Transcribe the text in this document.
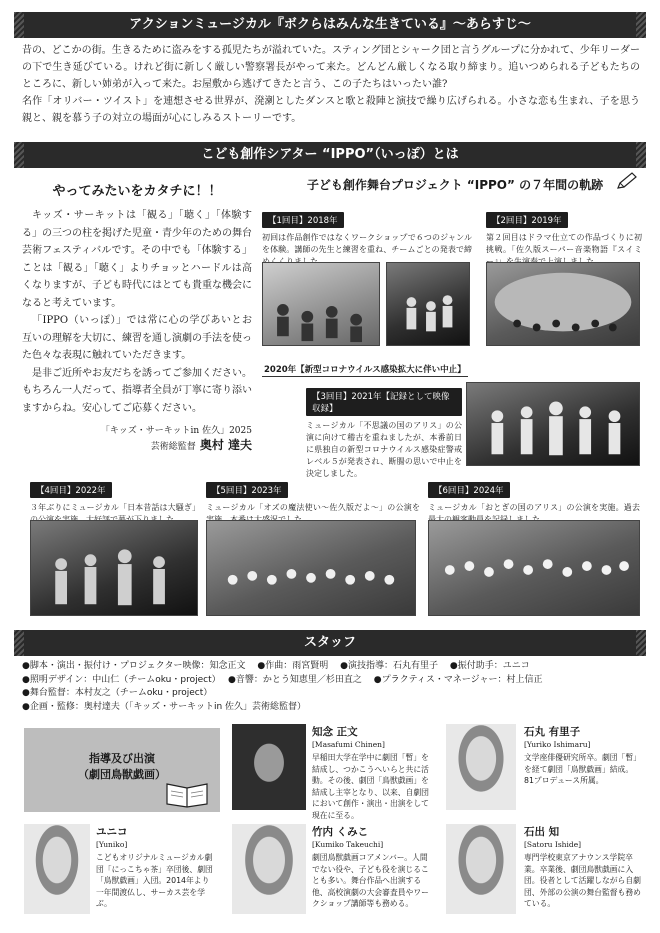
アクションミュージカル『ボクらはみんな生きている』〜あらすじ〜

昔の、どこかの街。生きるために盗みをする孤児たちが溢れていた。スティング団とシャーク団と言うグループに分かれて、少年リーダーの下で生き延びている。けれど街に新しく厳しい警察署長がやって来た。どんどん厳しくなる取り締まり。追いつめられる子どもたちのところに、新しい姉弟が入って来た。お屋敷から逃げてきたと言う、この子たちはいったい誰?

名作「オリバー・ツイスト」を連想させる世界が、溌溂としたダンスと歌と殺陣と演技で繰り広げられる。小さな恋も生まれ、子を思う親と、親を慕う子の対立の場面が心にしみるストーリーです。

こども創作シアター “IPPO”（いっぽ）とは
やってみたいをカタチに！！

キッズ・サーキットは「観る」「聴く」「体験する」の三つの柱を掲げた児童・青少年のための舞台芸術フェスティバルです。その中でも「体験する」ことは「観る」「聴く」よりチョッとハードルは高くなりますが、子ども時代にはとても貴重な機会になると考えています。

「IPPO（いっぽ）」では常に心の学びあいとお互いの理解を大切に、練習を通し演劇の手法を使った色々な表現に触れていただきます。

是非ご近所やお友だちを誘ってご参加ください。もちろん一人だって、指導者全員が丁寧に寄り添いますからね。安心してご応募ください。

「キッズ・サーキットin 佐久」2025
芸術総監督 奥村 達夫
子ども創作舞台プロジェクト “IPPO” の７年間の軌跡
【1回目】2018年
初回は作品創作ではなくワークショップで６つのジャンルを体験。講師の先生と練習を重ね、チームごとの発表で締
【2回目】2019年
第２回目はドラマ仕立ての作品づくりに初挑戦。「佐久版スーパー音楽物語『スイミ
2020年【新型コロナウイルス感染拡大に伴い中止】
【3回目】2021年【記録として映像収録】
ミュージカル「不思議の国のアリス」の公演に向けて稽古を重ねましたが、本番前日に県独自の新型コロナウイルス感染症警戒レベル５が発表され、断腸の思いで中止を決定しました。
【4回目】2022年
３年ぶりにミュージカル「日本昔話は大騒ぎ」
【5回目】2023年
ミュージカル「オズの魔法使い〜佐久版だよ〜」の公演を
【6回目】2024年
ミュージカル「おとぎの国のアリス」の公演を実施。過去
スタッフ
●脚本・演出・振付け・プロジェクター映像：知念正文　 ●作曲：雨宮賢明　 ●演技指導：石丸有里子　 ●振付助手：ユニコ
●照明デザイン：中山仁（チームoku・project）　 ●音響：かとう知恵里／杉田直之　 ●プラクティス・マネージャー：村上信正
●舞台監督：本村友之（チームoku・project）
●企画・監修：奥村達夫（「キッズ・サーキットin 佐久」芸術総監督）
指導及び出演
（劇団鳥獣戯画）
知念 正文
[Masafumi Chinen]
早稲田大学在学中に劇団「暫」を結成し、つかこうへいらと共に活動。その後、劇団「鳥獣戯画」を結成し主宰となり、以来、自劇団において創作・演出・出演をして現在に至る。
石丸 有里子
[Yuriko Ishimaru]
文学座俳優研究所卒。劇団「暫」を経て劇団「鳥獣戯画」結成。81プロデュース所属。
ユニコ
[Yuniko]
こどもオリジナルミュージカル劇団「にっこちゃ茶」卒団後、劇団「鳥獣戯画」入団。2014年より一年間渡仏し、サーカス芸を学ぶ。
竹内 くみこ
[Kumiko Takeuchi]
劇団鳥獣戯画コアメンバー。人間でない役や、子ども役を演じることも多い。舞台作品へ出演する他、高校演劇の大会審査員やワークショップ講師等も務める。
石出 知
[Satoru Ishide]
専門学校東京アナウンス学院卒業。卒業後、劇団鳥獣戯画に入団。役者として活躍しながら自劇団、外部の公演の舞台監督も務めている。
